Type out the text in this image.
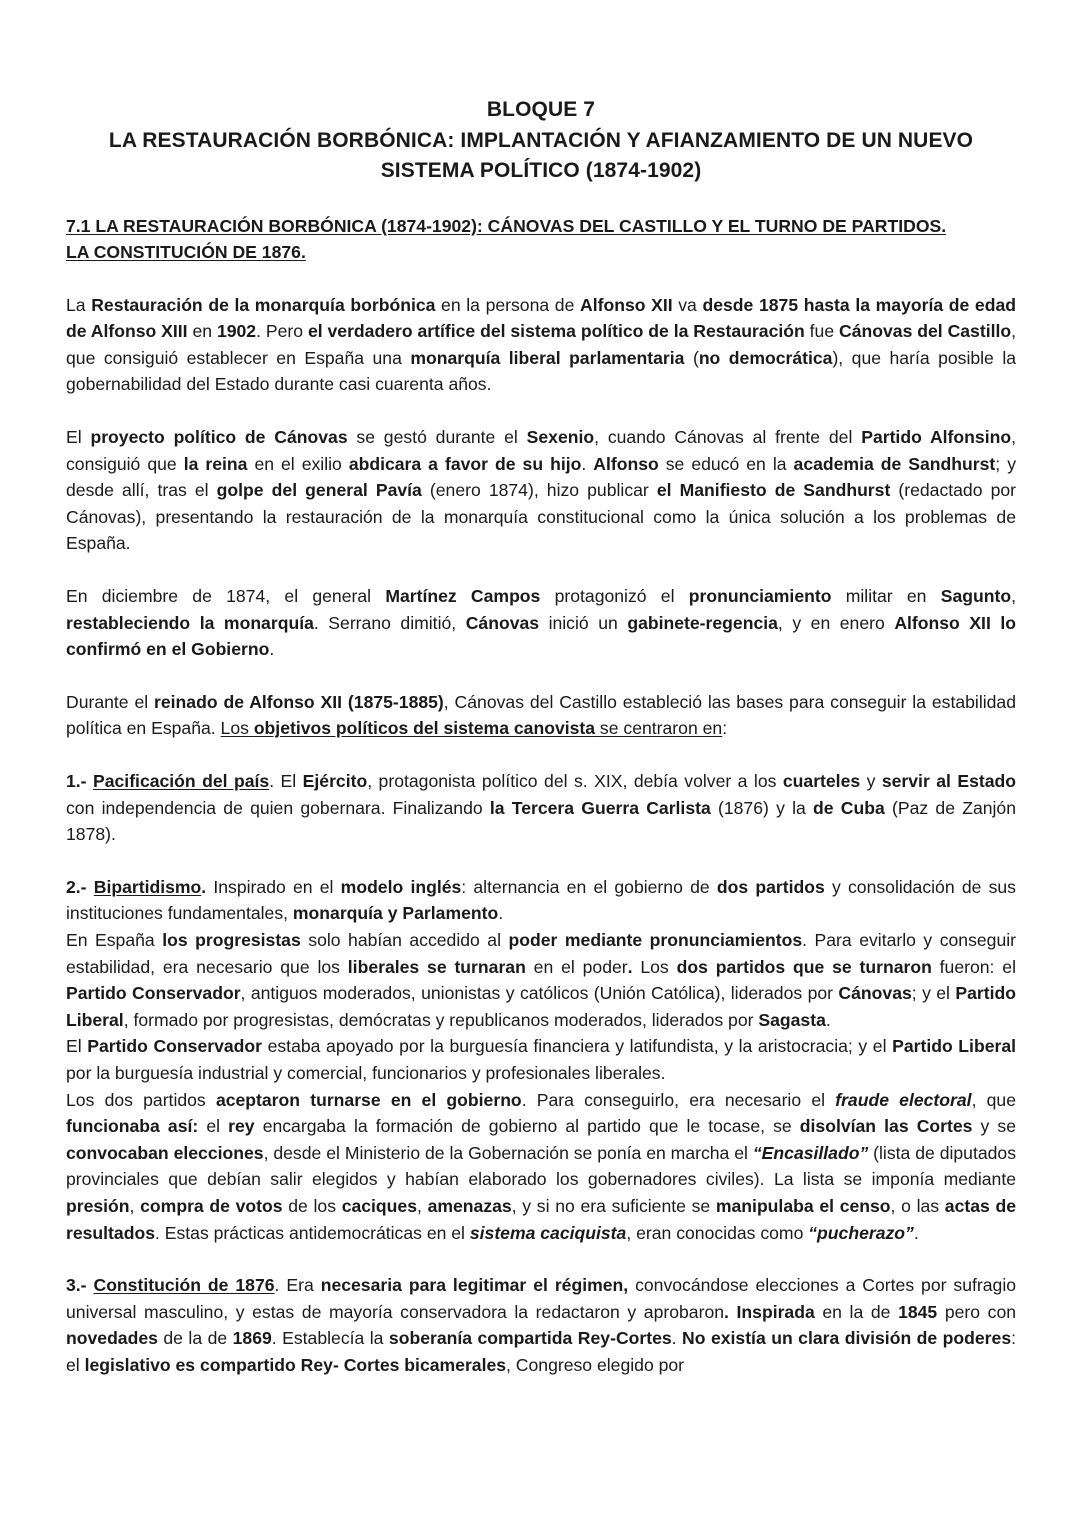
BLOQUE 7
LA RESTAURACIÓN BORBÓNICA: IMPLANTACIÓN Y AFIANZAMIENTO DE UN NUEVO
SISTEMA POLÍTICO (1874-1902)
7.1 LA RESTAURACIÓN BORBÓNICA (1874-1902): CÁNOVAS DEL CASTILLO Y EL TURNO DE PARTIDOS.
LA CONSTITUCIÓN DE 1876.

La Restauración de la monarquía borbónica en la persona de Alfonso XII va desde 1875 hasta la mayoría de edad de Alfonso XIII en 1902. Pero el verdadero artífice del sistema político de la Restauración fue Cánovas del Castillo, que consiguió establecer en España una monarquía liberal parlamentaria (no democrática), que haría posible la gobernabilidad del Estado durante casi cuarenta años.

El proyecto político de Cánovas se gestó durante el Sexenio, cuando Cánovas al frente del Partido Alfonsino, consiguió que la reina en el exilio abdicara a favor de su hijo. Alfonso se educó en la academia de Sandhurst; y desde allí, tras el golpe del general Pavía (enero 1874), hizo publicar el Manifiesto de Sandhurst (redactado por Cánovas), presentando la restauración de la monarquía constitucional como la única solución a los problemas de España.

En diciembre de 1874, el general Martínez Campos protagonizó el pronunciamiento militar en Sagunto, restableciendo la monarquía. Serrano dimitió, Cánovas inició un gabinete-regencia, y en enero Alfonso XII lo confirmó en el Gobierno.

Durante el reinado de Alfonso XII (1875-1885), Cánovas del Castillo estableció las bases para conseguir la estabilidad política en España. Los objetivos políticos del sistema canovista se centraron en:

1.- Pacificación del país. El Ejército, protagonista político del s. XIX, debía volver a los cuarteles y servir al Estado con independencia de quien gobernara. Finalizando la Tercera Guerra Carlista (1876) y la de Cuba (Paz de Zanjón 1878).

2.- Bipartidismo. Inspirado en el modelo inglés: alternancia en el gobierno de dos partidos y consolidación de sus instituciones fundamentales, monarquía y Parlamento.

En España los progresistas solo habían accedido al poder mediante pronunciamientos. Para evitarlo y conseguir estabilidad, era necesario que los liberales se turnaran en el poder. Los dos partidos que se turnaron fueron: el Partido Conservador, antiguos moderados, unionistas y católicos (Unión Católica), liderados por Cánovas; y el Partido Liberal, formado por progresistas, demócratas y republicanos moderados, liderados por Sagasta.

El Partido Conservador estaba apoyado por la burguesía financiera y latifundista, y la aristocracia; y el Partido Liberal por la burguesía industrial y comercial, funcionarios y profesionales liberales.

Los dos partidos aceptaron turnarse en el gobierno. Para conseguirlo, era necesario el fraude electoral, que funcionaba así: el rey encargaba la formación de gobierno al partido que le tocase, se disolvían las Cortes y se convocaban elecciones, desde el Ministerio de la Gobernación se ponía en marcha el “Encasillado” (lista de diputados provinciales que debían salir elegidos y habían elaborado los gobernadores civiles). La lista se imponía mediante presión, compra de votos de los caciques, amenazas, y si no era suficiente se manipulaba el censo, o las actas de resultados. Estas prácticas antidemocráticas en el sistema caciquista, eran conocidas como “pucherazo”.

3.- Constitución de 1876. Era necesaria para legitimar el régimen, convocándose elecciones a Cortes por sufragio universal masculino, y estas de mayoría conservadora la redactaron y aprobaron. Inspirada en la de 1845 pero con novedades de la de 1869. Establecía la soberanía compartida Rey-Cortes. No existía un clara división de poderes: el legislativo es compartido Rey- Cortes bicamerales, Congreso elegido por
